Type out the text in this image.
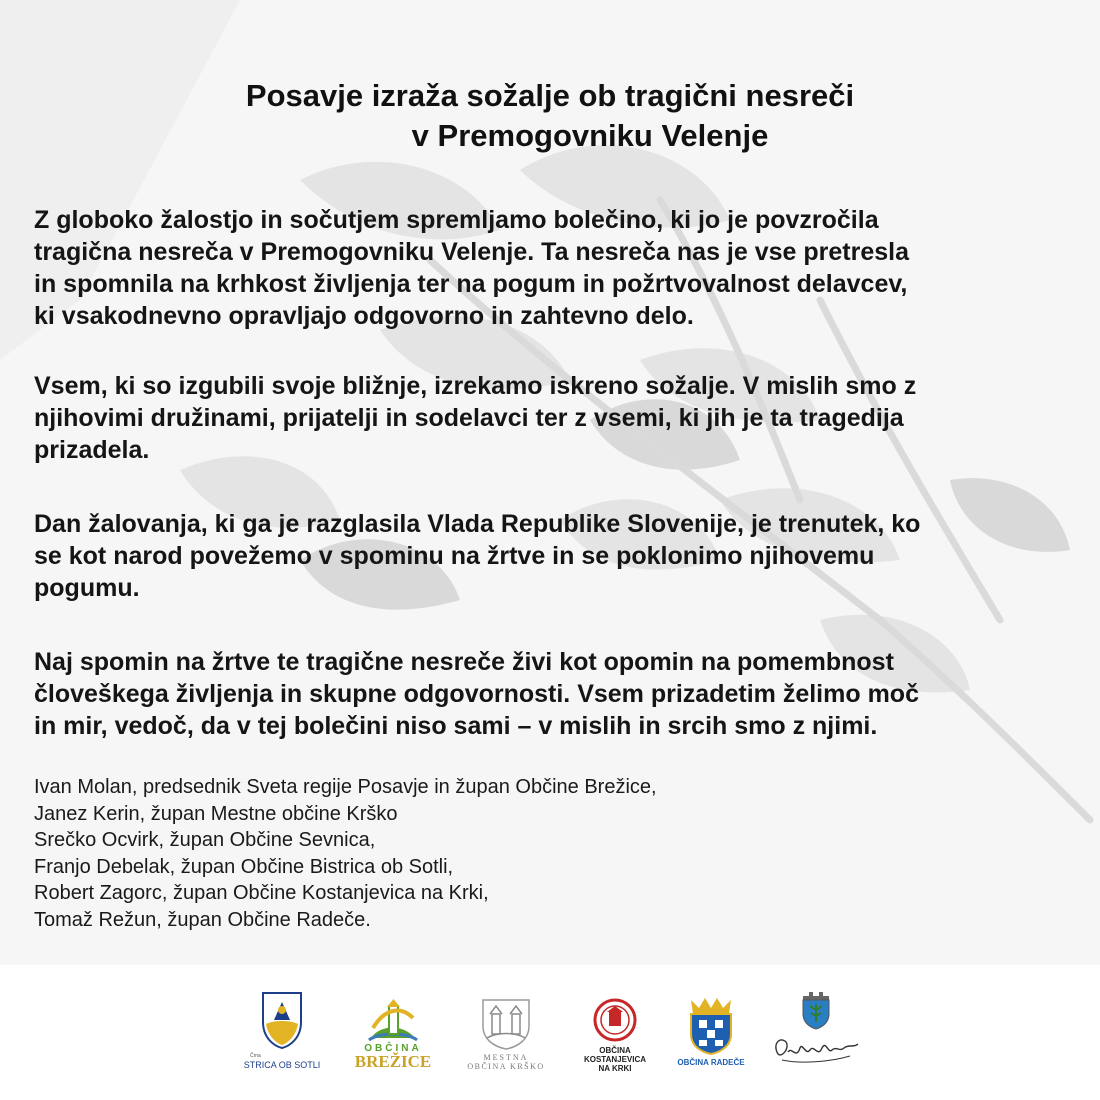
Posavje izraža sožalje ob tragični nesreči
v Premogovniku Velenje

Z globoko žalostjo in sočutjem spremljamo bolečino, ki jo je povzročila
tragična nesreča v Premogovniku Velenje. Ta nesreča nas je vse pretresla
in spomnila na krhkost življenja ter na pogum in požrtvovalnost delavcev,
ki vsakodnevno opravljajo odgovorno in zahtevno delo.

Vsem, ki so izgubili svoje bližnje, izrekamo iskreno sožalje. V mislih smo z
njihovimi družinami, prijatelji in sodelavci ter z vsemi, ki jih je ta tragedija
prizadela.

Dan žalovanja, ki ga je razglasila Vlada Republike Slovenije, je trenutek, ko
se kot narod povežemo v spominu na žrtve in se poklonimo njihovemu
pogumu.

Naj spomin na žrtve te tragične nesreče živi kot opomin na pomembnost
človeškega življenja in skupne odgovornosti. Vsem prizadetim želimo moč
in mir, vedoč, da v tej bolečini niso sami – v mislih in srcih smo z njimi.

Ivan Molan, predsednik Sveta regije Posavje in župan Občine Brežice,
Janez Kerin, župan Mestne občine Krško
Srečko Ocvirk, župan Občine Sevnica,
Franjo Debelak, župan Občine Bistrica ob Sotli,
Robert Zagorc, župan Občine Kostanjevica na Krki,
Tomaž Režun, župan Občine Radeče.
Črna
STRICA OB SOTLI
OBČINA
BREŽICE	MESTNA
OBČINA KRŠKO
OBČINA
KOSTANJEVICA
NA KRKI
OBČINA RADEČE
